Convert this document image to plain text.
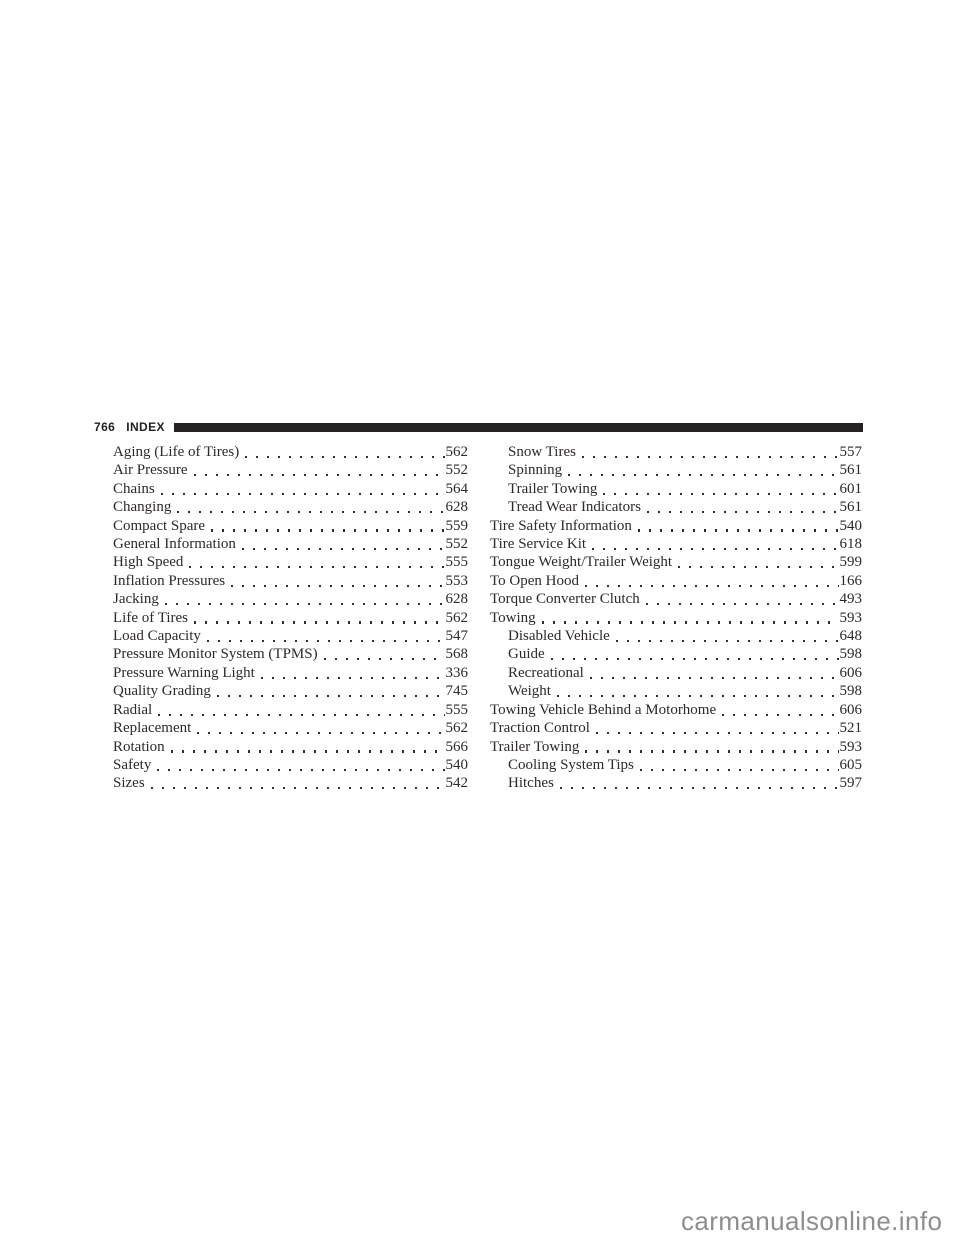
766 INDEX
Aging (Life of Tires)	562
Air Pressure	552
Chains	564
Changing	628
Compact Spare	559
General Information	552
High Speed	555
Inflation Pressures	553
Jacking	628
Life of Tires	562
Load Capacity	547
Pressure Monitor System (TPMS)	568
Pressure Warning Light	336
Quality Grading	745
Radial	555
Replacement	562
Rotation	566
Safety	540
Sizes	542
Snow Tires	557
Spinning	561
Trailer Towing	601
Tread Wear Indicators	561
Tire Safety Information	540
Tire Service Kit	618
Tongue Weight/Trailer Weight	599
To Open Hood	166
Torque Converter Clutch	493
Towing	593
Disabled Vehicle	648
Guide	598
Recreational	606
Weight	598
Towing Vehicle Behind a Motorhome	606
Traction Control	521
Trailer Towing	593
Cooling System Tips	605
Hitches	597
carmanualsonline.info
